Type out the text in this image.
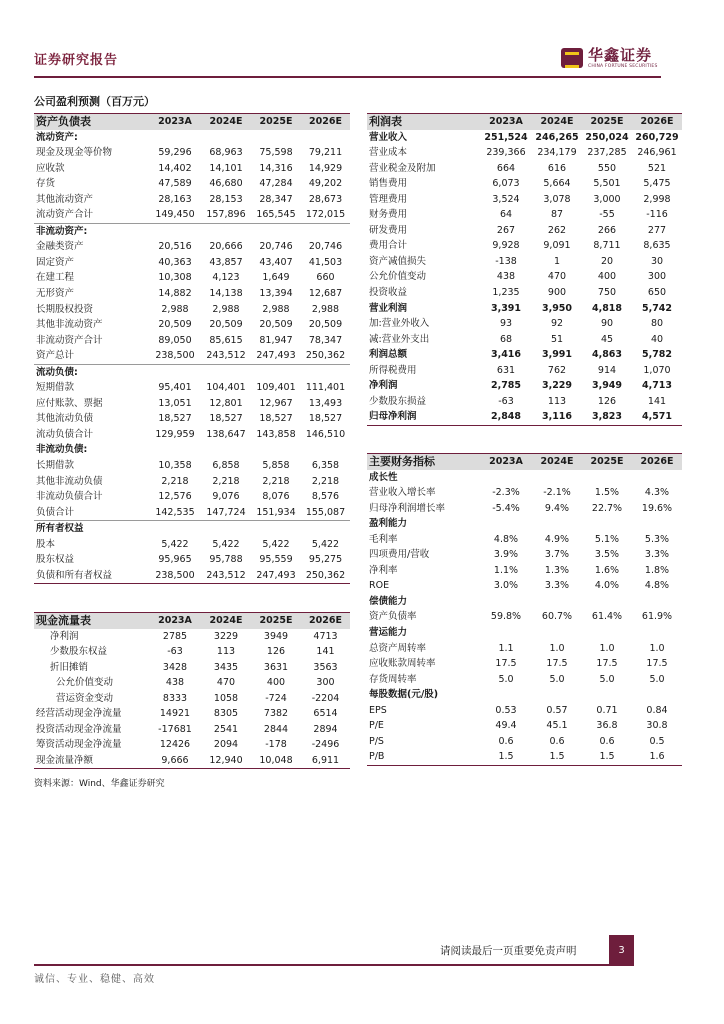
证券研究报告	华鑫证券
CHINA FORTUNE SECURITIES
公司盈利预测（百万元）
资产负债表	2023A	2024E	2025E	2026E
流动资产:				
现金及现金等价物	59,296	68,963	75,598	79,211
应收款	14,402	14,101	14,316	14,929
存货	47,589	46,680	47,284	49,202
其他流动资产	28,163	28,153	28,347	28,673
流动资产合计	149,450	157,896	165,545	172,015
非流动资产:				
金融类资产	20,516	20,666	20,746	20,746
固定资产	40,363	43,857	43,407	41,503
在建工程	10,308	4,123	1,649	660
无形资产	14,882	14,138	13,394	12,687
长期股权投资	2,988	2,988	2,988	2,988
其他非流动资产	20,509	20,509	20,509	20,509
非流动资产合计	89,050	85,615	81,947	78,347
资产总计	238,500	243,512	247,493	250,362
流动负债:				
短期借款	95,401	104,401	109,401	111,401
应付账款、票据	13,051	12,801	12,967	13,493
其他流动负债	18,527	18,527	18,527	18,527
流动负债合计	129,959	138,647	143,858	146,510
非流动负债:				
长期借款	10,358	6,858	5,858	6,358
其他非流动负债	2,218	2,218	2,218	2,218
非流动负债合计	12,576	9,076	8,076	8,576
负债合计	142,535	147,724	151,934	155,087
所有者权益				
股本	5,422	5,422	5,422	5,422
股东权益	95,965	95,788	95,559	95,275
负债和所有者权益	238,500	243,512	247,493	250,362
利润表	2023A	2024E	2025E	2026E
营业收入	251,524	246,265	250,024	260,729
营业成本	239,366	234,179	237,285	246,961
营业税金及附加	664	616	550	521
销售费用	6,073	5,664	5,501	5,475
管理费用	3,524	3,078	3,000	2,998
财务费用	64	87	-55	-116
研发费用	267	262	266	277
费用合计	9,928	9,091	8,711	8,635
资产减值损失	-138	1	20	30
公允价值变动	438	470	400	300
投资收益	1,235	900	750	650
营业利润	3,391	3,950	4,818	5,742
加:营业外收入	93	92	90	80
减:营业外支出	68	51	45	40
利润总额	3,416	3,991	4,863	5,782
所得税费用	631	762	914	1,070
净利润	2,785	3,229	3,949	4,713
少数股东损益	-63	113	126	141
归母净利润	2,848	3,116	3,823	4,571
现金流量表	2023A	2024E	2025E	2026E
净利润	2785	3229	3949	4713
少数股东权益	-63	113	126	141
折旧摊销	3428	3435	3631	3563
公允价值变动	438	470	400	300
营运资金变动	8333	1058	-724	-2204
经营活动现金净流量	14921	8305	7382	6514
投资活动现金净流量	-17681	2541	2844	2894
筹资活动现金净流量	12426	2094	-178	-2496
现金流量净额	9,666	12,940	10,048	6,911
主要财务指标	2023A	2024E	2025E	2026E
成长性				
营业收入增长率	-2.3%	-2.1%	1.5%	4.3%
归母净利润增长率	-5.4%	9.4%	22.7%	19.6%
盈利能力				
毛利率	4.8%	4.9%	5.1%	5.3%
四项费用/营收	3.9%	3.7%	3.5%	3.3%
净利率	1.1%	1.3%	1.6%	1.8%
ROE	3.0%	3.3%	4.0%	4.8%
偿债能力				
资产负债率	59.8%	60.7%	61.4%	61.9%
营运能力				
总资产周转率	1.1	1.0	1.0	1.0
应收账款周转率	17.5	17.5	17.5	17.5
存货周转率	5.0	5.0	5.0	5.0
每股数据(元/股)				
EPS	0.53	0.57	0.71	0.84
P/E	49.4	45.1	36.8	30.8
P/S	0.6	0.6	0.6	0.5
P/B	1.5	1.5	1.5	1.6
资料来源：Wind、华鑫证券研究
请阅读最后一页重要免责声明	3
诚信、专业、稳健、高效
